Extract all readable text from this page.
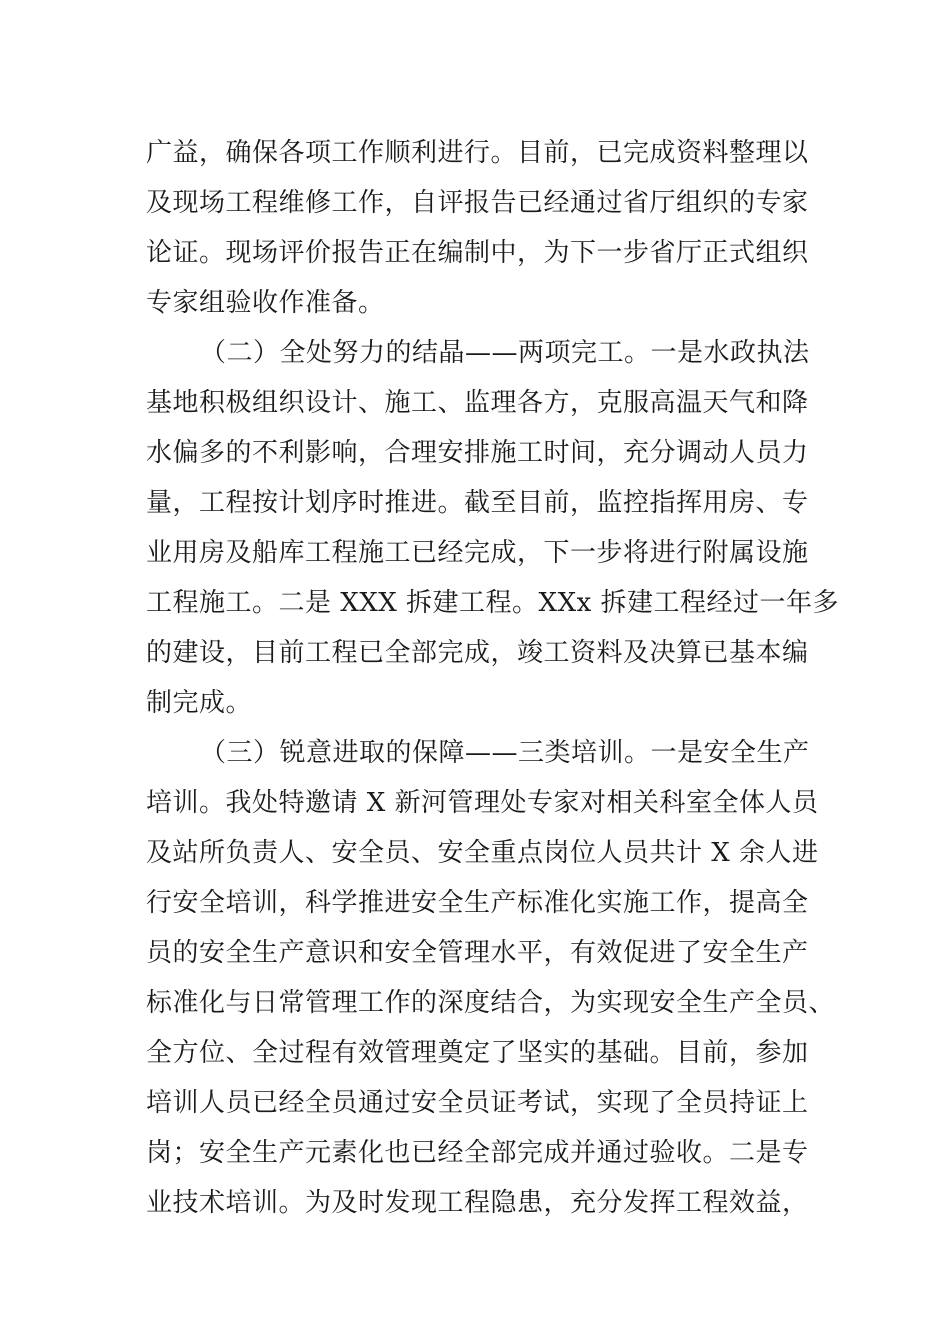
广益，确保各项工作顺利进行。目前，已完成资料整理以
及现场工程维修工作，自评报告已经通过省厅组织的专家
论证。现场评价报告正在编制中，为下一步省厅正式组织
专家组验收作准备。
（二）全处努力的结晶——两项完工。一是水政执法
基地积极组织设计、施工、监理各方，克服高温天气和降
水偏多的不利影响，合理安排施工时间，充分调动人员力
量，工程按计划序时推进。截至目前，监控指挥用房、专
业用房及船库工程施工已经完成，下一步将进行附属设施
工程施工。二是 XXX 拆建工程。XXx 拆建工程经过一年多
的建设，目前工程已全部完成，竣工资料及决算已基本编
制完成。
（三）锐意进取的保障——三类培训。一是安全生产
培训。我处特邀请 X 新河管理处专家对相关科室全体人员
及站所负责人、安全员、安全重点岗位人员共计 X 余人进
行安全培训，科学推进安全生产标准化实施工作，提高全
员的安全生产意识和安全管理水平，有效促进了安全生产
标准化与日常管理工作的深度结合，为实现安全生产全员、
全方位、全过程有效管理奠定了坚实的基础。目前，参加
培训人员已经全员通过安全员证考试，实现了全员持证上
岗；安全生产元素化也已经全部完成并通过验收。二是专
业技术培训。为及时发现工程隐患，充分发挥工程效益，
